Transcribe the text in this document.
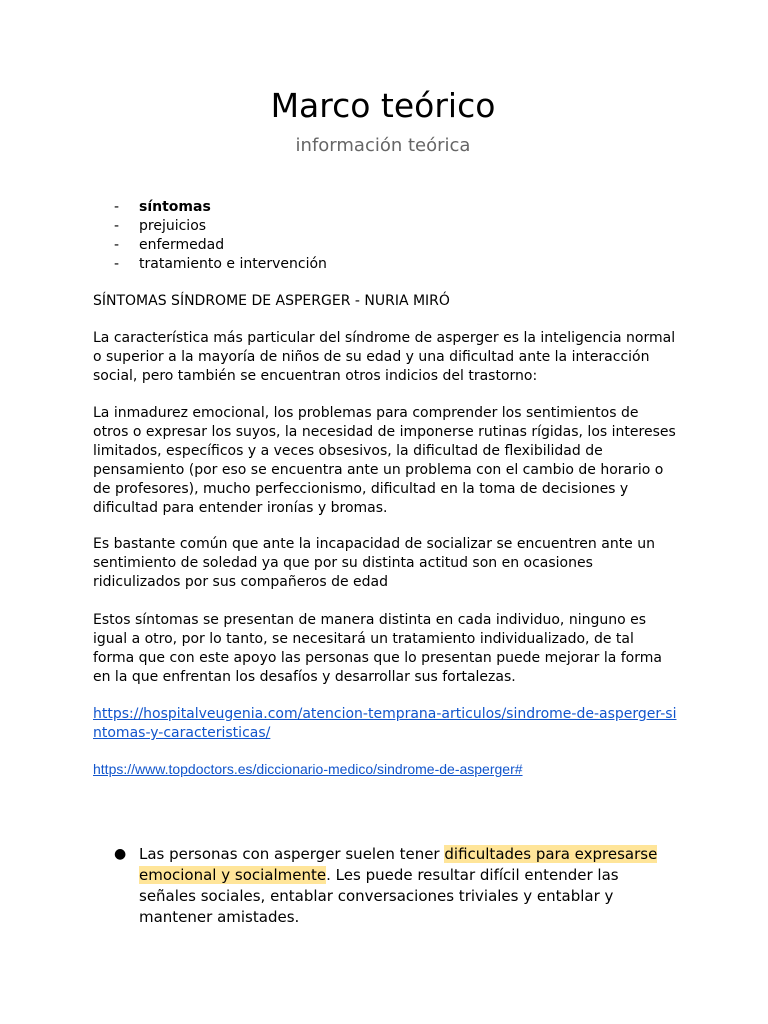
Marco teórico
información teórica
- síntomas
- prejuicios
- enfermedad
- tratamiento e intervención

SÍNTOMAS SÍNDROME DE ASPERGER - NURIA MIRÓ

La característica más particular del síndrome de asperger es la inteligencia normal o superior a la mayoría de niños de su edad y una dificultad ante la interacción social, pero también se encuentran otros indicios del trastorno:

La inmadurez emocional, los problemas para comprender los sentimientos de otros o expresar los suyos, la necesidad de imponerse rutinas rígidas, los intereses limitados, específicos y a veces obsesivos, la dificultad de flexibilidad de pensamiento (por eso se encuentra ante un problema con el cambio de horario o de profesores), mucho perfeccionismo, dificultad en la toma de decisiones y dificultad para entender ironías y bromas.

Es bastante común que ante la incapacidad de socializar se encuentren ante un sentimiento de soledad ya que por su distinta actitud son en ocasiones ridiculizados por sus compañeros de edad

Estos síntomas se presentan de manera distinta en cada individuo, ninguno es igual a otro, por lo tanto, se necesitará un tratamiento individualizado, de tal forma que con este apoyo las personas que lo presentan puede mejorar la forma en la que enfrentan los desafíos y desarrollar sus fortalezas.

https://hospitalveugenia.com/atencion-temprana-articulos/sindrome-de-asperger-sintomas-y-caracteristicas/
https://www.topdoctors.es/diccionario-medico/sindrome-de-asperger#
● Las personas con asperger suelen tener dificultades para expresarse emocional y socialmente. Les puede resultar difícil entender las señales sociales, entablar conversaciones triviales y entablar y mantener amistades.
